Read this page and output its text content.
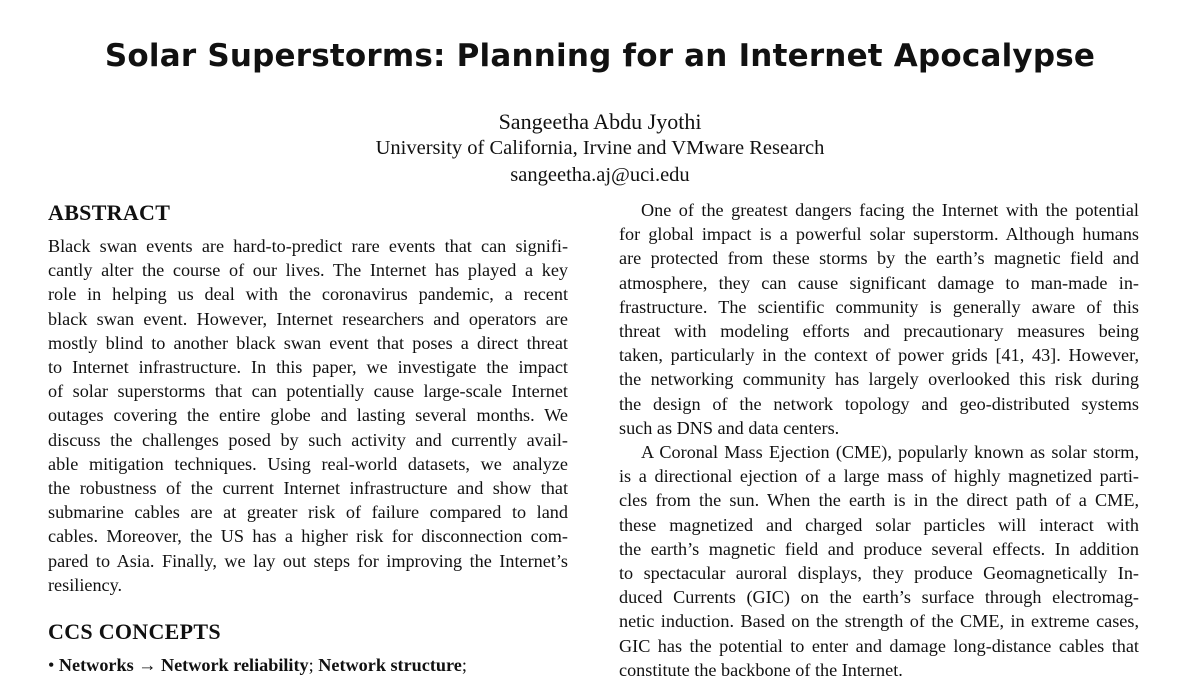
Solar Superstorms: Planning for an Internet Apocalypse
Sangeetha Abdu Jyothi
University of California, Irvine and VMware Research
sangeetha.aj@uci.edu
ABSTRACT
Black swan events are hard-to-predict rare events that can signifi-
cantly alter the course of our lives. The Internet has played a key
role in helping us deal with the coronavirus pandemic, a recent
black swan event. However, Internet researchers and operators are
mostly blind to another black swan event that poses a direct threat
to Internet infrastructure. In this paper, we investigate the impact
of solar superstorms that can potentially cause large-scale Internet
outages covering the entire globe and lasting several months. We
discuss the challenges posed by such activity and currently avail-
able mitigation techniques. Using real-world datasets, we analyze
the robustness of the current Internet infrastructure and show that
submarine cables are at greater risk of failure compared to land
cables. Moreover, the US has a higher risk for disconnection com-
pared to Asia. Finally, we lay out steps for improving the Internet’s
resiliency.
CCS CONCEPTS
• Networks → Network reliability; Network structure;
One of the greatest dangers facing the Internet with the potential
for global impact is a powerful solar superstorm. Although humans
are protected from these storms by the earth’s magnetic field and
atmosphere, they can cause significant damage to man-made in-
frastructure. The scientific community is generally aware of this
threat with modeling efforts and precautionary measures being
taken, particularly in the context of power grids [41, 43]. However,
the networking community has largely overlooked this risk during
the design of the network topology and geo-distributed systems
such as DNS and data centers.
A Coronal Mass Ejection (CME), popularly known as solar storm,
is a directional ejection of a large mass of highly magnetized parti-
cles from the sun. When the earth is in the direct path of a CME,
these magnetized and charged solar particles will interact with
the earth’s magnetic field and produce several effects. In addition
to spectacular auroral displays, they produce Geomagnetically In-
duced Currents (GIC) on the earth’s surface through electromag-
netic induction. Based on the strength of the CME, in extreme cases,
GIC has the potential to enter and damage long-distance cables that
constitute the backbone of the Internet.
